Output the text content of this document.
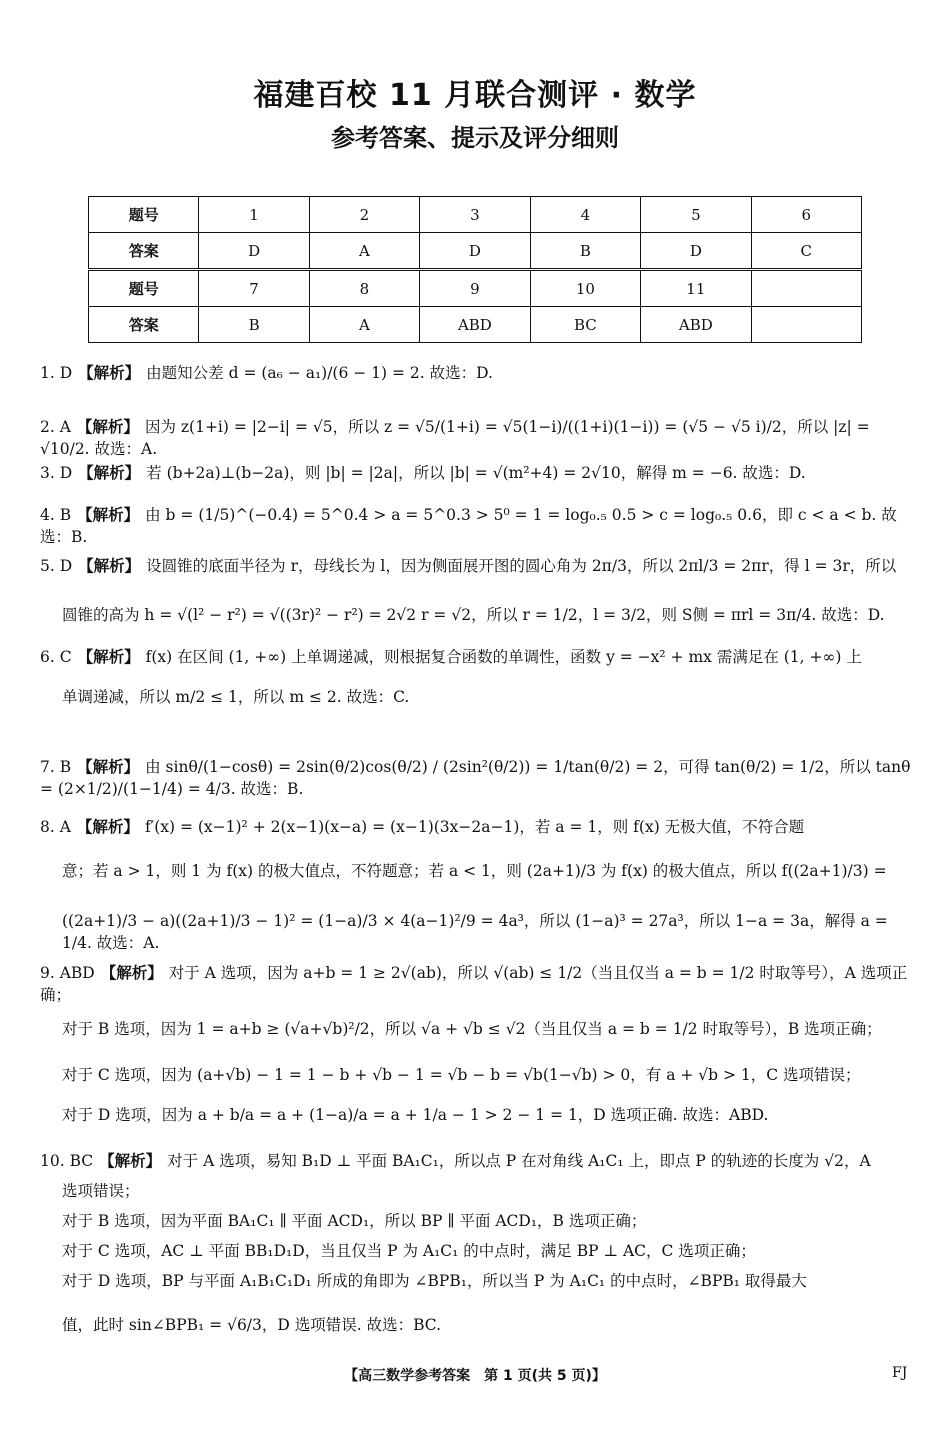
福建百校 11 月联合测评 · 数学
参考答案、提示及评分细则
题号	1	2	3	4	5	6
答案	D	A	D	B	D	C
题号	7	8	9	10	11	
答案	B	A	ABD	BC	ABD	
1. D 【解析】 由题知公差 d = (a₆ − a₁)/(6 − 1) = 2. 故选：D.
2. A 【解析】 因为 z(1+i) = |2−i| = √5，所以 z = √5/(1+i) = √5(1−i)/((1+i)(1−i)) = (√5 − √5 i)/2，所以 |z| = √10/2. 故选：A.
3. D 【解析】 若 (b+2a)⊥(b−2a)，则 |b| = |2a|，所以 |b| = √(m²+4) = 2√10，解得 m = −6. 故选：D.
4. B 【解析】 由 b = (1/5)^(−0.4) = 5^0.4 > a = 5^0.3 > 5⁰ = 1 = log₀.₅ 0.5 > c = log₀.₅ 0.6，即 c < a < b. 故选：B.
5. D 【解析】 设圆锥的底面半径为 r，母线长为 l，因为侧面展开图的圆心角为 2π/3，所以 2πl/3 = 2πr，得 l = 3r，所以
圆锥的高为 h = √(l² − r²) = √((3r)² − r²) = 2√2 r = √2，所以 r = 1/2，l = 3/2，则 S侧 = πrl = 3π/4. 故选：D.
6. C 【解析】 f(x) 在区间 (1, +∞) 上单调递减，则根据复合函数的单调性，函数 y = −x² + mx 需满足在 (1, +∞) 上
单调递减，所以 m/2 ≤ 1，所以 m ≤ 2. 故选：C.
7. B 【解析】 由 sinθ/(1−cosθ) = 2sin(θ/2)cos(θ/2) / (2sin²(θ/2)) = 1/tan(θ/2) = 2，可得 tan(θ/2) = 1/2，所以 tanθ = (2×1/2)/(1−1/4) = 4/3. 故选：B.
8. A 【解析】 f′(x) = (x−1)² + 2(x−1)(x−a) = (x−1)(3x−2a−1)，若 a = 1，则 f(x) 无极大值，不符合题
意；若 a > 1，则 1 为 f(x) 的极大值点，不符题意；若 a < 1，则 (2a+1)/3 为 f(x) 的极大值点，所以 f((2a+1)/3) =
((2a+1)/3 − a)((2a+1)/3 − 1)² = (1−a)/3 × 4(a−1)²/9 = 4a³，所以 (1−a)³ = 27a³，所以 1−a = 3a，解得 a = 1/4. 故选：A.
9. ABD 【解析】 对于 A 选项，因为 a+b = 1 ≥ 2√(ab)，所以 √(ab) ≤ 1/2（当且仅当 a = b = 1/2 时取等号），A 选项正确；
对于 B 选项，因为 1 = a+b ≥ (√a+√b)²/2，所以 √a + √b ≤ √2（当且仅当 a = b = 1/2 时取等号），B 选项正确；
对于 C 选项，因为 (a+√b) − 1 = 1 − b + √b − 1 = √b − b = √b(1−√b) > 0，有 a + √b > 1，C 选项错误；
对于 D 选项，因为 a + b/a = a + (1−a)/a = a + 1/a − 1 > 2 − 1 = 1，D 选项正确. 故选：ABD.
10. BC 【解析】 对于 A 选项，易知 B₁D ⊥ 平面 BA₁C₁，所以点 P 在对角线 A₁C₁ 上，即点 P 的轨迹的长度为 √2，A
选项错误；
对于 B 选项，因为平面 BA₁C₁ ∥ 平面 ACD₁，所以 BP ∥ 平面 ACD₁，B 选项正确；
对于 C 选项，AC ⊥ 平面 BB₁D₁D，当且仅当 P 为 A₁C₁ 的中点时，满足 BP ⊥ AC，C 选项正确；
对于 D 选项，BP 与平面 A₁B₁C₁D₁ 所成的角即为 ∠BPB₁，所以当 P 为 A₁C₁ 的中点时，∠BPB₁ 取得最大
值，此时 sin∠BPB₁ = √6/3，D 选项错误. 故选：BC.
【高三数学参考答案　第 1 页(共 5 页)】	FJ
